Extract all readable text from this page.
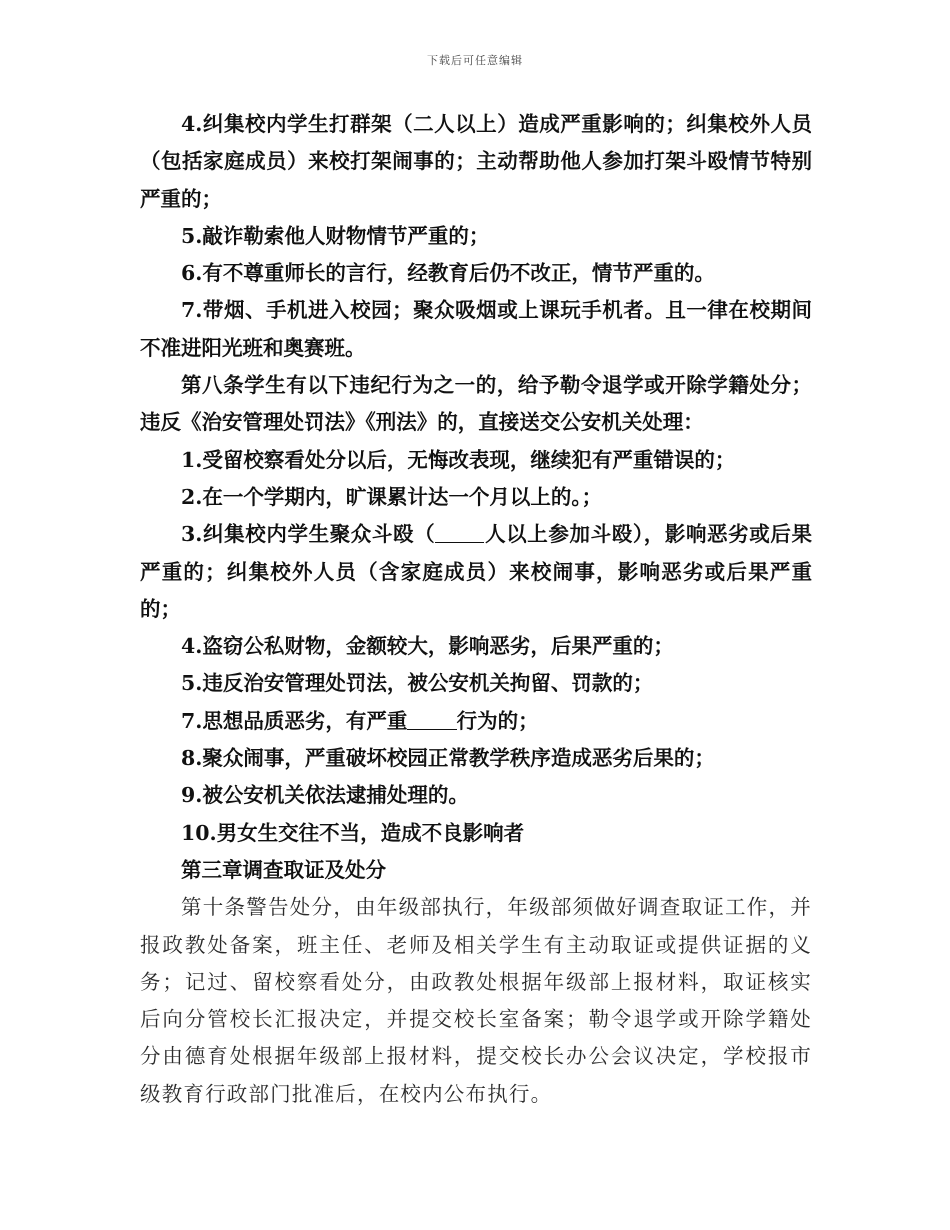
下载后可任意编辑

4.纠集校内学生打群架（二人以上）造成严重影响的；纠集校外人员（包括家庭成员）来校打架闹事的；主动帮助他人参加打架斗殴情节特别严重的；

5.敲诈勒索他人财物情节严重的；

6.有不尊重师长的言行，经教育后仍不改正，情节严重的。

7.带烟、手机进入校园；聚众吸烟或上课玩手机者。且一律在校期间不准进阳光班和奥赛班。

第八条学生有以下违纪行为之一的，给予勒令退学或开除学籍处分；违反《治安管理处罚法》《刑法》的，直接送交公安机关处理：

1.受留校察看处分以后，无悔改表现，继续犯有严重错误的；

2.在一个学期内，旷课累计达一个月以上的。；

3.纠集校内学生聚众斗殴（ 人以上参加斗殴），影响恶劣或后果严重的；纠集校外人员（含家庭成员）来校闹事，影响恶劣或后果严重的；

4.盗窃公私财物，金额较大，影响恶劣，后果严重的；

5.违反治安管理处罚法，被公安机关拘留、罚款的；

7.思想品质恶劣，有严重 行为的；

8.聚众闹事，严重破坏校园正常教学秩序造成恶劣后果的；

9.被公安机关依法逮捕处理的。

10.男女生交往不当，造成不良影响者

第三章调查取证及处分

第十条警告处分，由年级部执行，年级部须做好调查取证工作，并报政教处备案，班主任、老师及相关学生有主动取证或提供证据的义务；记过、留校察看处分，由政教处根据年级部上报材料，取证核实后向分管校长汇报决定，并提交校长室备案；勒令退学或开除学籍处分由德育处根据年级部上报材料，提交校长办公会议决定，学校报市级教育行政部门批准后，在校内公布执行。
